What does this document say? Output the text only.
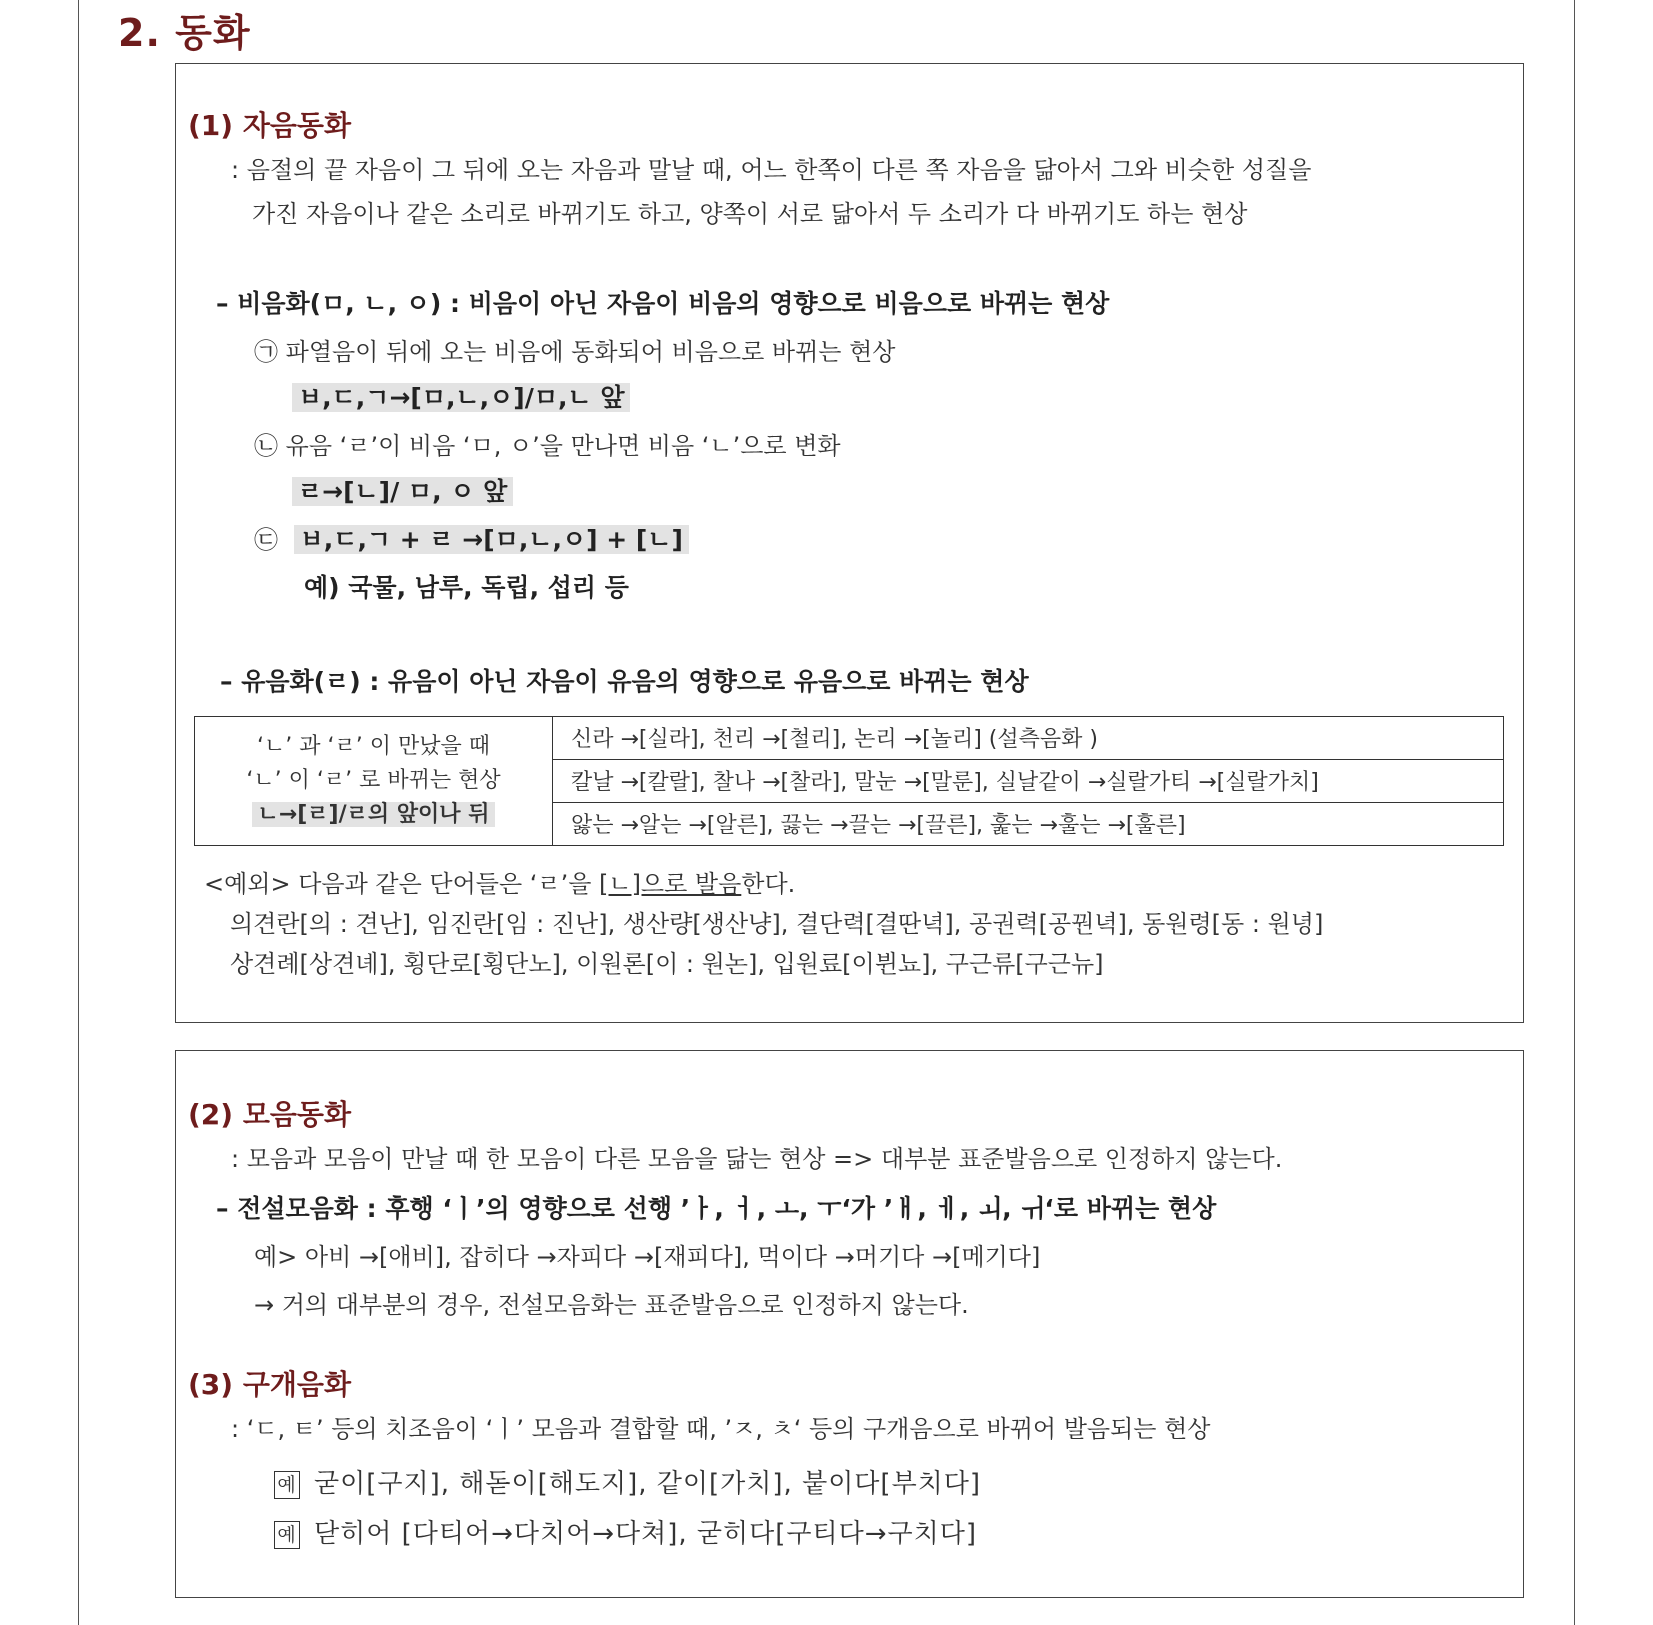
2. 동화
(1) 자음동화
: 음절의 끝 자음이 그 뒤에 오는 자음과 말날 때, 어느 한쪽이 다른 쪽 자음을 닮아서 그와 비슷한 성질을
가진 자음이나 같은 소리로 바뀌기도 하고, 양쪽이 서로 닮아서 두 소리가 다 바뀌기도 하는 현상
– 비음화(ㅁ, ㄴ, ㅇ) : 비음이 아닌 자음이 비음의 영향으로 비음으로 바뀌는 현상
㉠ 파열음이 뒤에 오는 비음에 동화되어 비음으로 바뀌는 현상
ㅂ,ㄷ,ㄱ→[ㅁ,ㄴ,ㅇ]/ㅁ,ㄴ 앞
㉡ 유음 ‘ㄹ’이 비음 ‘ㅁ, ㅇ’을 만나면 비음 ‘ㄴ’으로 변화
ㄹ→[ㄴ]/ ㅁ, ㅇ 앞
㉢ ㅂ,ㄷ,ㄱ + ㄹ →[ㅁ,ㄴ,ㅇ] + [ㄴ]
예) 국물, 남루, 독립, 섭리 등
– 유음화(ㄹ) : 유음이 아닌 자음이 유음의 영향으로 유음으로 바뀌는 현상
‘ㄴ’ 과 ‘ㄹ’ 이 만났을 때
‘ㄴ’ 이 ‘ㄹ’ 로 바뀌는 현상
ㄴ→[ㄹ]/ㄹ의 앞이나 뒤
	신라 →[실라], 천리 →[철리], 논리 →[놀리] (설측음화 )
칼날 →[칼랄], 찰나 →[찰라], 말눈 →[말룬], 실날같이 →실랄가티 →[실랄가치]
앓는 →알는 →[알른], 끓는 →끌는 →[끌른], 훑는 →훌는 →[훌른]
<예외> 다음과 같은 단어들은 ‘ㄹ’을 [ㄴ]으로 발음한다.
의견란[의 : 견난], 임진란[임 : 진난], 생산량[생산냥], 결단력[결딴녁], 공권력[공꿘녁], 동원령[동 : 원녕]
상견례[상견녜], 횡단로[횡단노], 이원론[이 : 원논], 입원료[이뷘뇨], 구근류[구근뉴]
(2) 모음동화
: 모음과 모음이 만날 때 한 모음이 다른 모음을 닮는 현상 => 대부분 표준발음으로 인정하지 않는다.
– 전설모음화 : 후행 ‘ㅣ’의 영향으로 선행 ’ㅏ, ㅓ, ㅗ, ㅜ‘가 ’ㅐ, ㅔ, ㅚ, ㅟ‘로 바뀌는 현상
예> 아비 →[애비], 잡히다 →자피다 →[재피다], 먹이다 →머기다 →[메기다]
→ 거의 대부분의 경우, 전설모음화는 표준발음으로 인정하지 않는다.
(3) 구개음화
: ‘ㄷ, ㅌ’ 등의 치조음이 ‘ㅣ’ 모음과 결합할 때, ’ㅈ, ㅊ‘ 등의 구개음으로 바뀌어 발음되는 현상
예 굳이[구지], 해돋이[해도지], 같이[가치], 붙이다[부치다]
예 닫히어 [다티어→다치어→다쳐], 굳히다[구티다→구치다]
